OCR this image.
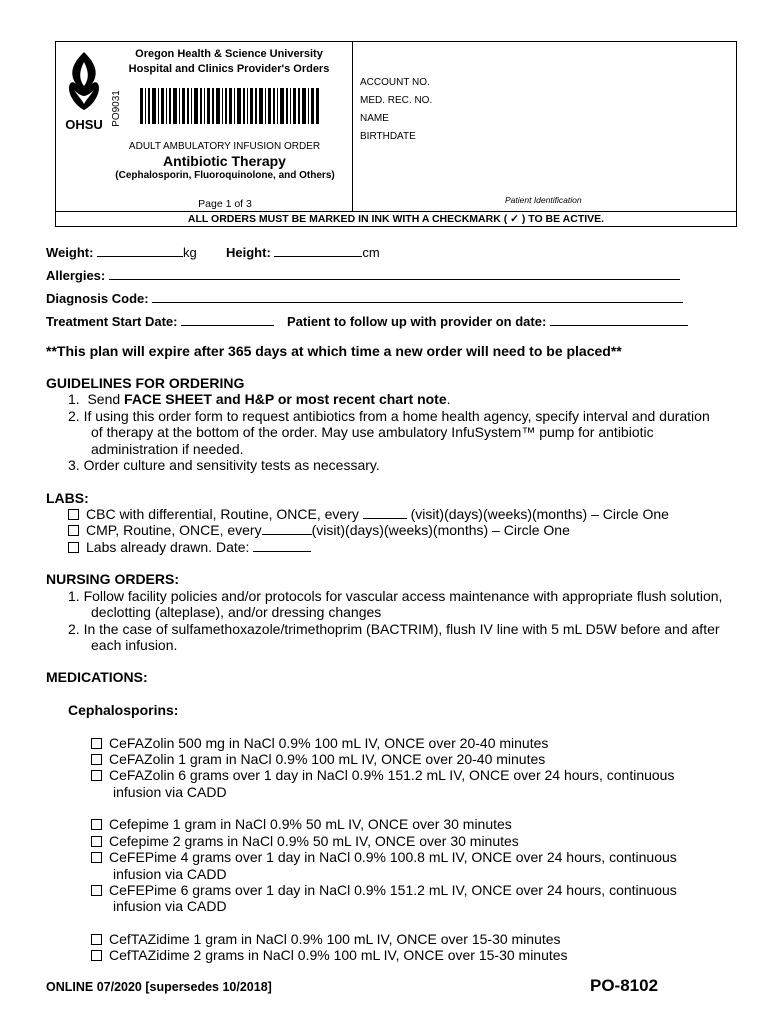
OHSU PO9031
Oregon Health & Science University
Hospital and Clinics Provider's Orders
ADULT AMBULATORY INFUSION ORDER
Antibiotic Therapy
(Cephalosporin, Fluoroquinolone, and Others)
Page 1 of 3
ACCOUNT NO.
MED. REC. NO.
NAME
BIRTHDATE
Patient Identification
ALL ORDERS MUST BE MARKED IN INK WITH A CHECKMARK ( ✓ ) TO BE ACTIVE.
Weight:	kg Height:	cm
Allergies:
Diagnosis Code:
Treatment Start Date:	Patient to follow up with provider on date:
**This plan will expire after 365 days at which time a new order will need to be placed**
GUIDELINES FOR ORDERING
1.  Send FACE SHEET and H&P or most recent chart note.
2. If using this order form to request antibiotics from a home health agency, specify interval and duration
of therapy at the bottom of the order. May use ambulatory InfuSystem™ pump for antibiotic
administration if needed.
3. Order culture and sensitivity tests as necessary.
LABS:
CBC with differential, Routine, ONCE, every	(visit)(days)(weeks)(months) – Circle One
CMP, Routine, ONCE, every	(visit)(days)(weeks)(months) – Circle One
Labs already drawn. Date:
NURSING ORDERS:
1. Follow facility policies and/or protocols for vascular access maintenance with appropriate flush solution,
declotting (alteplase), and/or dressing changes
2. In the case of sulfamethoxazole/trimethoprim (BACTRIM), flush IV line with 5 mL D5W before and after
each infusion.
MEDICATIONS:
Cephalosporins:
CeFAZolin 500 mg in NaCl 0.9% 100 mL IV, ONCE over 20-40 minutes
CeFAZolin 1 gram in NaCl 0.9% 100 mL IV, ONCE over 20-40 minutes
CeFAZolin 6 grams over 1 day in NaCl 0.9% 151.2 mL IV, ONCE over 24 hours, continuous
infusion via CADD
Cefepime 1 gram in NaCl 0.9% 50 mL IV, ONCE over 30 minutes
Cefepime 2 grams in NaCl 0.9% 50 mL IV, ONCE over 30 minutes
CeFEPime 4 grams over 1 day in NaCl 0.9% 100.8 mL IV, ONCE over 24 hours, continuous
infusion via CADD
CeFEPime 6 grams over 1 day in NaCl 0.9% 151.2 mL IV, ONCE over 24 hours, continuous
infusion via CADD
CefTAZidime 1 gram in NaCl 0.9% 100 mL IV, ONCE over 15-30 minutes
CefTAZidime 2 grams in NaCl 0.9% 100 mL IV, ONCE over 15-30 minutes
ONLINE 07/2020 [supersedes 10/2018]	PO-8102
